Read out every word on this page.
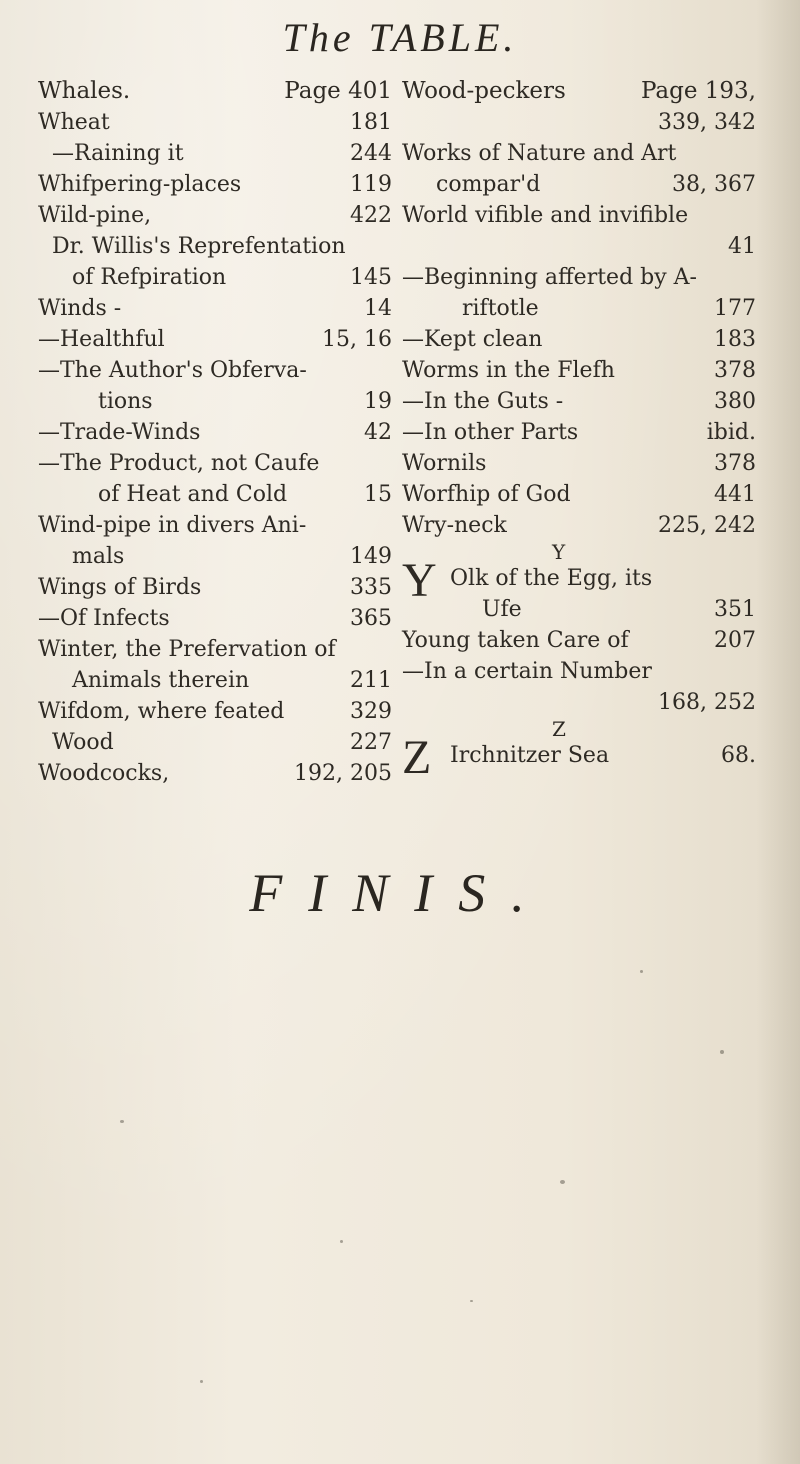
The TABLE.
Whales.	Page 401
Wheat	181
—Raining it	244
Whifpering-places	119
Wild-pine,	422
Dr. Willis's Reprefentation
of Refpiration	145
Winds -	14
—Healthful	15, 16
—The Author's Obferva-
tions	19
—Trade-Winds	42
—The Product, not Caufe
of Heat and Cold	15
Wind-pipe in divers Ani-
mals	149
Wings of Birds	335
—Of Infects	365
Winter, the Prefervation of
Animals therein	211
Wifdom, where feated	329
Wood	227
Woodcocks,	192, 205
Wood-peckers	Page 193,
339, 342
Works of Nature and Art
compar'd	38, 367
World vifible and invifible
41
—Beginning afferted by A-
riftotle	177
—Kept clean	183
Worms in the Flefh	378
—In the Guts -	380
—In other Parts	ibid.
Wornils	378
Worfhip of God	441
Wry-neck	225, 242
Y
Y Olk of the Egg, its
Ufe	351
Young taken Care of	207
—In a certain Number
168, 252
Z
Z Irchnitzer Sea	68.
FINIS.
